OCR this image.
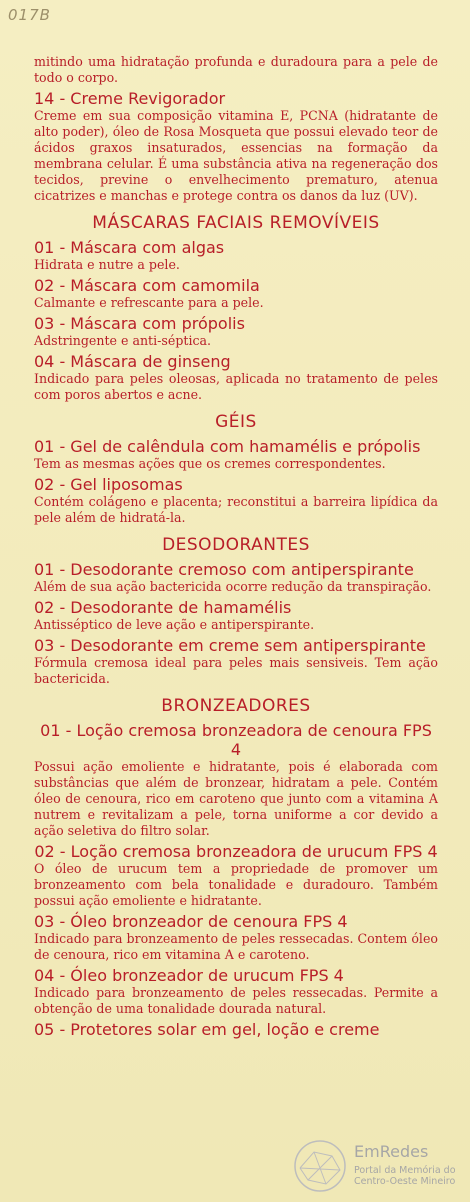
017B

mitindo uma hidratação profunda e duradoura para a pele de todo o corpo.

14 - Creme Revigorador

Creme em sua composição vitamina E, PCNA (hidratante de alto poder), óleo de Rosa Mosqueta que possui elevado teor de ácidos graxos insaturados, essencias na formação da membrana celular. É uma substância ativa na regeneração dos tecidos, previne o envelhecimento prematuro, atenua cicatrizes e manchas e protege contra os danos da luz (UV).

MÁSCARAS FACIAIS REMOVÍVEIS
01 - Máscara com algas

Hidrata e nutre a pele.

02 - Máscara com camomila

Calmante e refrescante para a pele.

03 - Máscara com própolis

Adstringente e anti-séptica.

04 - Máscara de ginseng

Indicado para peles oleosas, aplicada no tratamento de peles com poros abertos e acne.

GÉIS
01 - Gel de calêndula com hamamélis e própolis

Tem as mesmas ações que os cremes correspondentes.

02 - Gel liposomas

Contém colágeno e placenta; reconstitui a barreira lipídica da pele além de hidratá-la.

DESODORANTES
01 - Desodorante cremoso com antiperspirante

Além de sua ação bactericida ocorre redução da transpiração.

02 - Desodorante de hamamélis

Antisséptico de leve ação e antiperspirante.

03 - Desodorante em creme sem antiperspirante

Fórmula cremosa ideal para peles mais sensiveis. Tem ação bactericida.

BRONZEADORES
01 - Loção cremosa bronzeadora de cenoura FPS 4

Possui ação emoliente e hidratante, pois é elaborada com substâncias que além de bronzear, hidratam a pele. Contém óleo de cenoura, rico em caroteno que junto com a vitamina A nutrem e revitalizam a pele, torna uniforme a cor devido a ação seletiva do filtro solar.

02 - Loção cremosa bronzeadora de urucum FPS 4

O óleo de urucum tem a propriedade de promover um bronzeamento com bela tonalidade e duradouro. Também possui ação emoliente e hidratante.

03 - Óleo bronzeador de cenoura FPS 4

Indicado para bronzeamento de peles ressecadas. Contem óleo de cenoura, rico em vitamina A e caroteno.

04 - Óleo bronzeador de urucum FPS 4

Indicado para bronzeamento de peles ressecadas. Permite a obtenção de uma tonalidade dourada natural.

05 - Protetores solar em gel, loção e creme
EmRedes
Portal da Memória do Centro-Oeste Mineiro
